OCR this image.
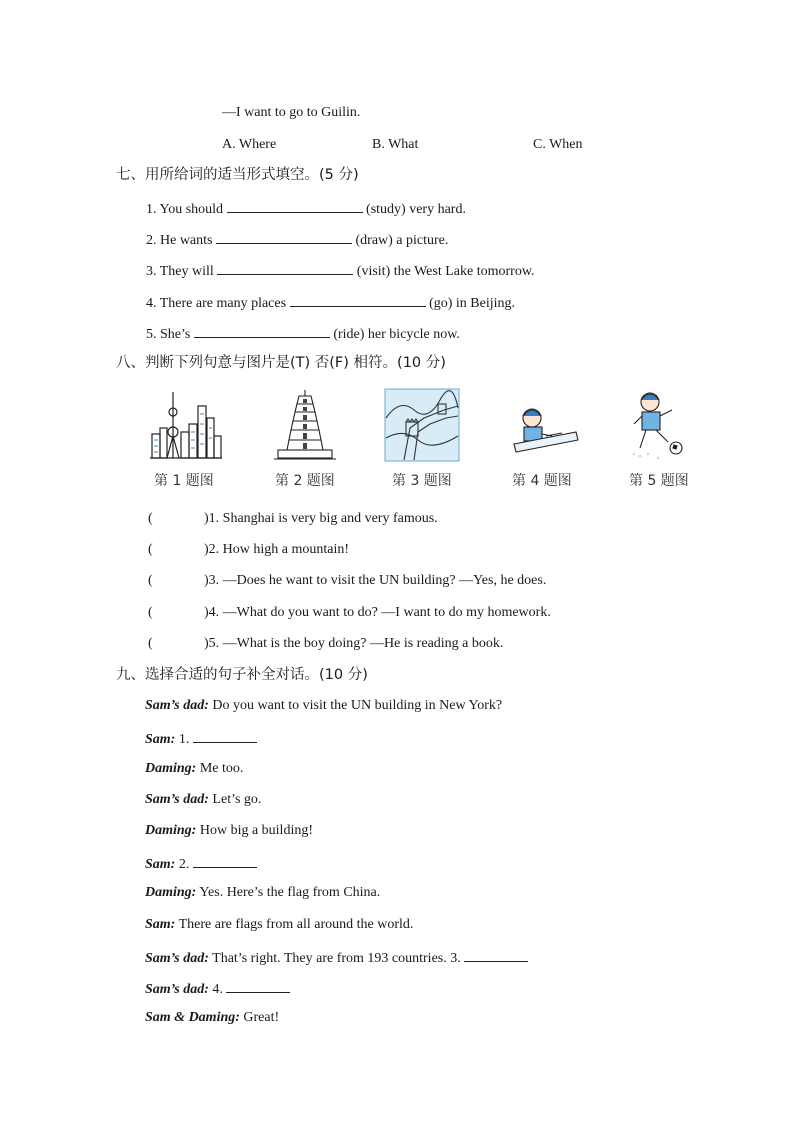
—I want to go to Guilin.
A. Where	B. What	C. When
七、用所给词的适当形式填空。(5 分)
1. You should	(study) very hard.
2. He wants	(draw) a picture.
3. They will	(visit) the West Lake tomorrow.
4. There are many places	(go) in Beijing.
5. She’s	(ride) her bicycle now.
八、判断下列句意与图片是(T) 否(F) 相符。(10 分)
第 1 题图	第 2 题图	第 3 题图	第 4 题图	第 5 题图
(	)1. Shanghai is very big and very famous.
(	)2. How high a mountain!
(	)3. —Does he want to visit the UN building? —Yes, he does.
(	)4. —What do you want to do? —I want to do my homework.
(	)5. —What is the boy doing? —He is reading a book.
九、选择合适的句子补全对话。(10 分)
Sam’s dad: Do you want to visit the UN building in New York?
Sam: 1.
Daming: Me too.
Sam’s dad: Let’s go.
Daming: How big a building!
Sam: 2.
Daming: Yes. Here’s the flag from China.
Sam: There are flags from all around the world.
Sam’s dad: That’s right. They are from 193 countries. 3.
Sam’s dad: 4.
Sam & Daming: Great!
